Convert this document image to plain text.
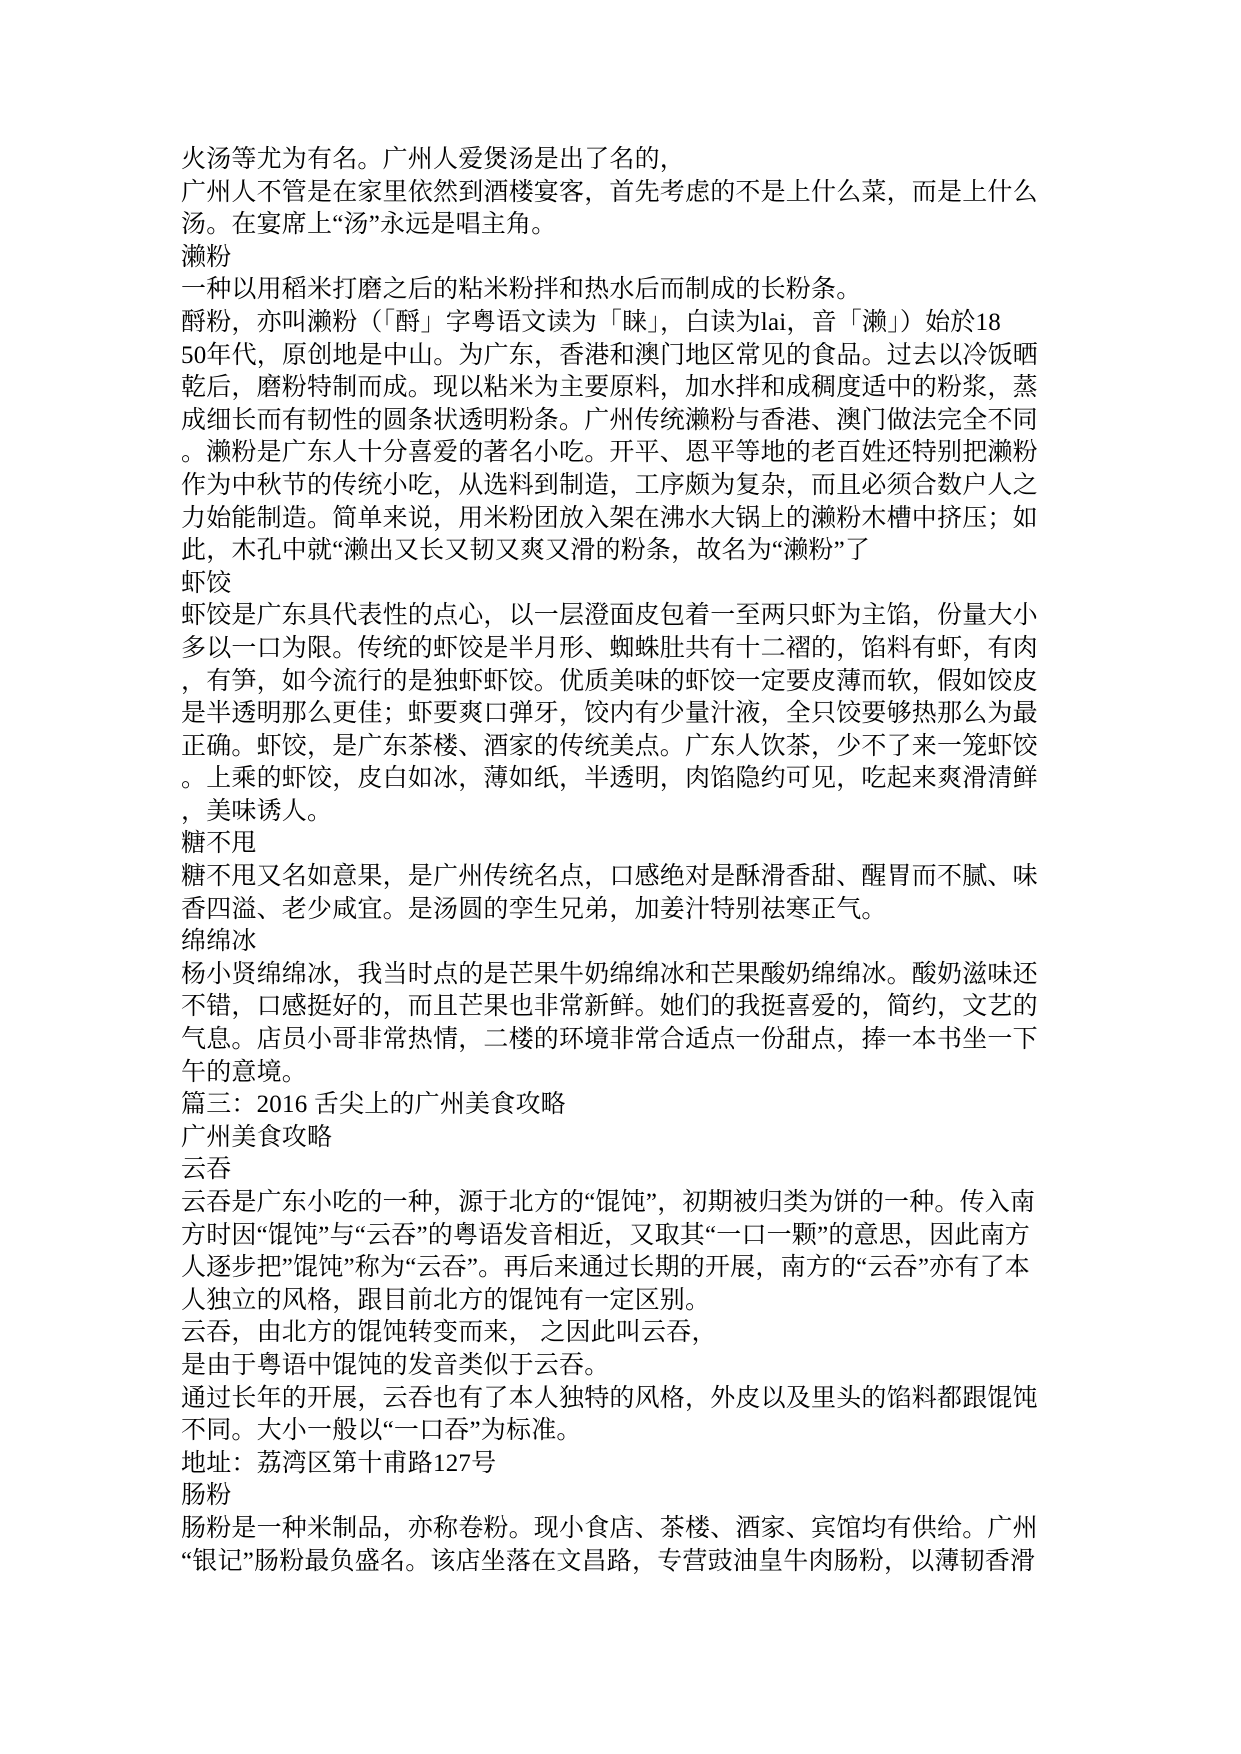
火汤等尤为有名。广州人爱煲汤是出了名的，
广州人不管是在家里依然到酒楼宴客，首先考虑的不是上什么菜，而是上什么
汤。在宴席上“汤”永远是唱主角。
濑粉
一种以用稻米打磨之后的粘米粉拌和热水后而制成的长粉条。
酹粉，亦叫濑粉（「酹」字粤语文读为「睐」，白读为lai，音「濑」）始於18
50年代，原创地是中山。为广东，香港和澳门地区常见的食品。过去以冷饭晒
乾后，磨粉特制而成。现以粘米为主要原料，加水拌和成稠度适中的粉浆，蒸
成细长而有韧性的圆条状透明粉条。广州传统濑粉与香港、澳门做法完全不同
。濑粉是广东人十分喜爱的著名小吃。开平、恩平等地的老百姓还特别把濑粉
作为中秋节的传统小吃，从选料到制造，工序颇为复杂，而且必须合数户人之
力始能制造。简单来说，用米粉团放入架在沸水大锅上的濑粉木槽中挤压；如
此，木孔中就“濑出又长又韧又爽又滑的粉条，故名为“濑粉”了
虾饺
虾饺是广东具代表性的点心，以一层澄面皮包着一至两只虾为主馅，份量大小
多以一口为限。传统的虾饺是半月形、蜘蛛肚共有十二褶的，馅料有虾，有肉
，有笋，如今流行的是独虾虾饺。优质美味的虾饺一定要皮薄而软，假如饺皮
是半透明那么更佳；虾要爽口弹牙，饺内有少量汁液，全只饺要够热那么为最
正确。虾饺，是广东茶楼、酒家的传统美点。广东人饮茶，少不了来一笼虾饺
。上乘的虾饺，皮白如冰，薄如纸，半透明，肉馅隐约可见，吃起来爽滑清鲜
，美味诱人。
糖不甩
糖不甩又名如意果，是广州传统名点，口感绝对是酥滑香甜、醒胃而不腻、味
香四溢、老少咸宜。是汤圆的孪生兄弟，加姜汁特别祛寒正气。
绵绵冰
杨小贤绵绵冰，我当时点的是芒果牛奶绵绵冰和芒果酸奶绵绵冰。酸奶滋味还
不错，口感挺好的，而且芒果也非常新鲜。她们的我挺喜爱的，简约，文艺的
气息。店员小哥非常热情，二楼的环境非常合适点一份甜点，捧一本书坐一下
午的意境。
篇三：2016 舌尖上的广州美食攻略
广州美食攻略
云吞
云吞是广东小吃的一种，源于北方的“馄饨”，初期被归类为饼的一种。传入南
方时因“馄饨”与“云吞”的粤语发音相近，又取其“一口一颗”的意思，因此南方
人逐步把”馄饨”称为“云吞”。再后来通过长期的开展，南方的“云吞”亦有了本
人独立的风格，跟目前北方的馄饨有一定区别。
云吞，由北方的馄饨转变而来， 之因此叫云吞，
是由于粤语中馄饨的发音类似于云吞。
通过长年的开展，云吞也有了本人独特的风格，外皮以及里头的馅料都跟馄饨
不同。大小一般以“一口吞”为标准。
地址：荔湾区第十甫路127号
肠粉
肠粉是一种米制品，亦称卷粉。现小食店、茶楼、酒家、宾馆均有供给。广州
“银记”肠粉最负盛名。该店坐落在文昌路，专营豉油皇牛肉肠粉，以薄韧香滑
